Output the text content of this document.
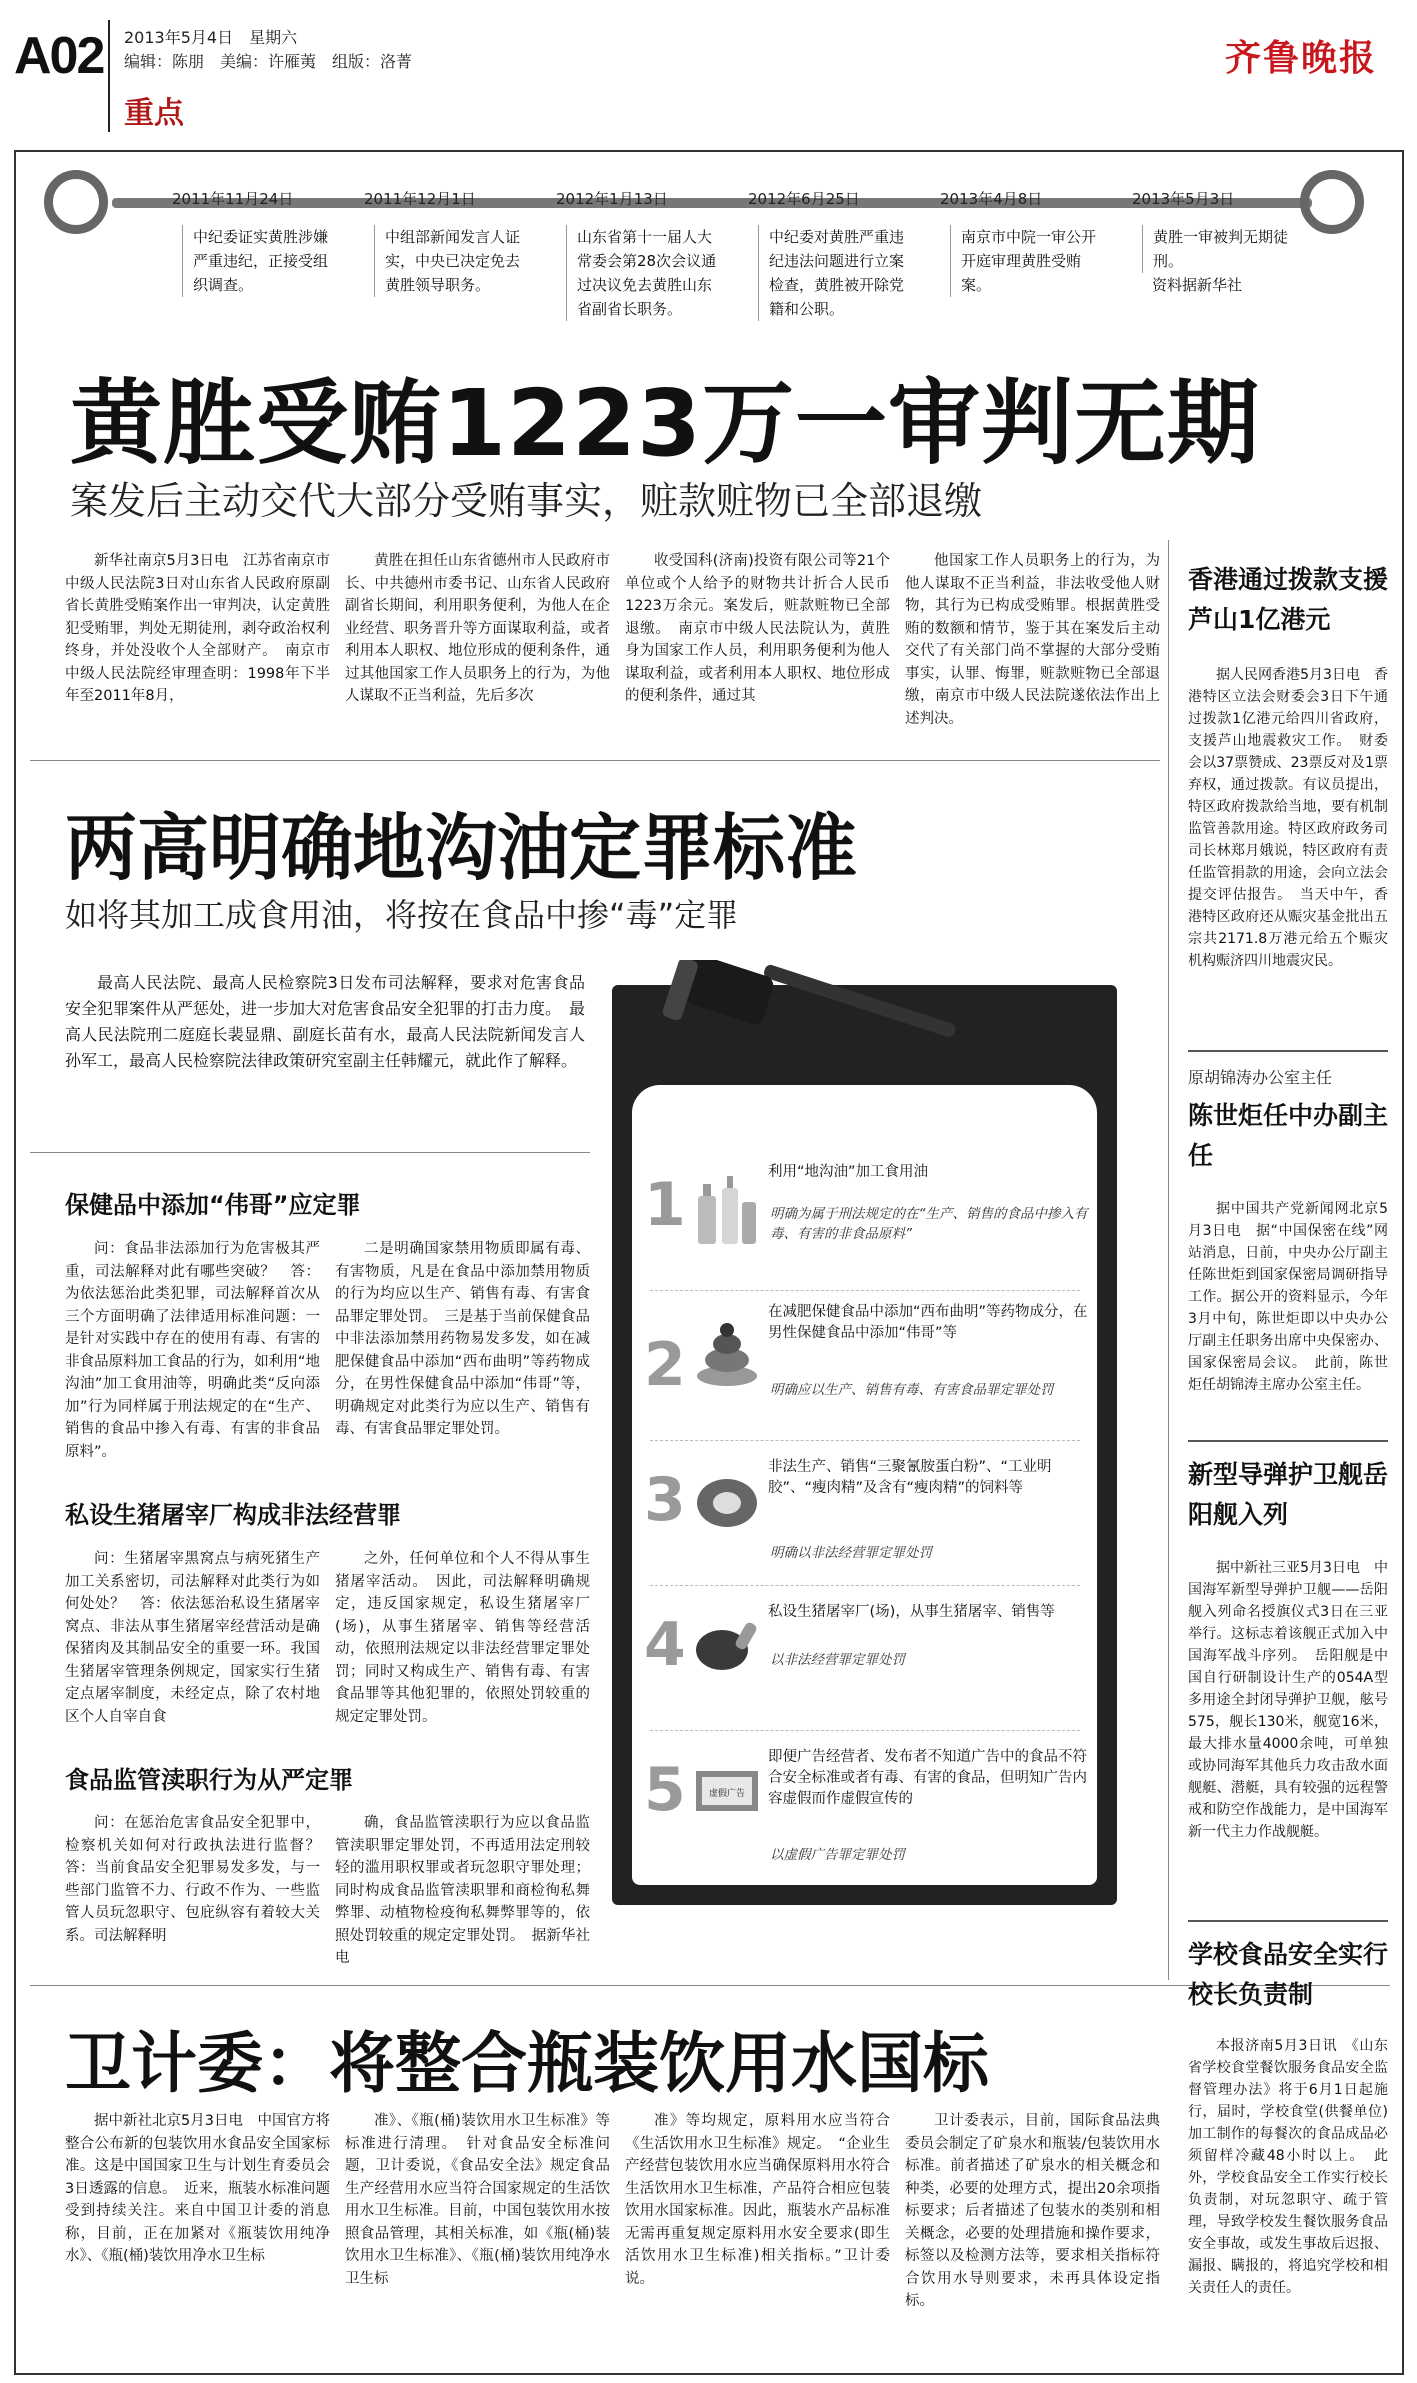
A02 2013年5月4日　星期六
编辑：陈朋　美编：许雁荑　组版：洛菁
重点
齐鲁晚报
2011年11月24日
中纪委证实黄胜涉嫌严重违纪，正接受组织调查。
2011年12月1日
中组部新闻发言人证实，中央已决定免去黄胜领导职务。
2012年1月13日
山东省第十一届人大常委会第28次会议通过决议免去黄胜山东省副省长职务。
2012年6月25日
中纪委对黄胜严重违纪违法问题进行立案检查，黄胜被开除党籍和公职。
2013年4月8日
南京市中院一审公开开庭审理黄胜受贿案。
2013年5月3日
黄胜一审被判无期徒刑。
资料据新华社
黄胜受贿1223万一审判无期
案发后主动交代大部分受贿事实，赃款赃物已全部退缴

新华社南京5月3日电　江苏省南京市中级人民法院3日对山东省人民政府原副省长黄胜受贿案作出一审判决，认定黄胜犯受贿罪，判处无期徒刑，剥夺政治权利终身，并处没收个人全部财产。　南京市中级人民法院经审理查明：1998年下半年至2011年8月，

黄胜在担任山东省德州市人民政府市长、中共德州市委书记、山东省人民政府副省长期间，利用职务便利，为他人在企业经营、职务晋升等方面谋取利益，或者利用本人职权、地位形成的便利条件，通过其他国家工作人员职务上的行为，为他人谋取不正当利益，先后多次

收受国科(济南)投资有限公司等21个单位或个人给予的财物共计折合人民币1223万余元。案发后，赃款赃物已全部退缴。　南京市中级人民法院认为，黄胜身为国家工作人员，利用职务便利为他人谋取利益，或者利用本人职权、地位形成的便利条件，通过其

他国家工作人员职务上的行为，为他人谋取不正当利益，非法收受他人财物，其行为已构成受贿罪。根据黄胜受贿的数额和情节，鉴于其在案发后主动交代了有关部门尚不掌握的大部分受贿事实，认罪、悔罪，赃款赃物已全部退缴，南京市中级人民法院遂依法作出上述判决。

两高明确地沟油定罪标准
如将其加工成食用油，将按在食品中掺“毒”定罪

最高人民法院、最高人民检察院3日发布司法解释，要求对危害食品安全犯罪案件从严惩处，进一步加大对危害食品安全犯罪的打击力度。　最高人民法院刑二庭庭长裴显鼎、副庭长苗有水，最高人民法院新闻发言人孙军工，最高人民检察院法律政策研究室副主任韩耀元，就此作了解释。

保健品中添加“伟哥”应定罪

问：食品非法添加行为危害极其严重，司法解释对此有哪些突破？　答：为依法惩治此类犯罪，司法解释首次从三个方面明确了法律适用标准问题：一是针对实践中存在的使用有毒、有害的非食品原料加工食品的行为，如利用“地沟油”加工食用油等，明确此类“反向添加”行为同样属于刑法规定的在“生产、销售的食品中掺入有毒、有害的非食品原料”。

二是明确国家禁用物质即属有毒、有害物质，凡是在食品中添加禁用物质的行为均应以生产、销售有毒、有害食品罪定罪处罚。　三是基于当前保健食品中非法添加禁用药物易发多发，如在减肥保健食品中添加“西布曲明”等药物成分，在男性保健食品中添加“伟哥”等，明确规定对此类行为应以生产、销售有毒、有害食品罪定罪处罚。

私设生猪屠宰厂构成非法经营罪

问：生猪屠宰黑窝点与病死猪生产加工关系密切，司法解释对此类行为如何处处？　答：依法惩治私设生猪屠宰窝点、非法从事生猪屠宰经营活动是确保猪肉及其制品安全的重要一环。我国生猪屠宰管理条例规定，国家实行生猪定点屠宰制度，未经定点，除了农村地区个人自宰自食

之外，任何单位和个人不得从事生猪屠宰活动。　因此，司法解释明确规定，违反国家规定，私设生猪屠宰厂(场)，从事生猪屠宰、销售等经营活动，依照刑法规定以非法经营罪定罪处罚；同时又构成生产、销售有毒、有害食品罪等其他犯罪的，依照处罚较重的规定定罪处罚。

食品监管渎职行为从严定罪

问：在惩治危害食品安全犯罪中，检察机关如何对行政执法进行监督？　答：当前食品安全犯罪易发多发，与一些部门监管不力、行政不作为、一些监管人员玩忽职守、包庇纵容有着较大关系。司法解释明

确，食品监管渎职行为应以食品监管渎职罪定罪处罚，不再适用法定刑较轻的滥用职权罪或者玩忽职守罪处理；同时构成食品监管渎职罪和商检徇私舞弊罪、动植物检疫徇私舞弊罪等的，依照处罚较重的规定定罪处罚。　据新华社电

1	利用“地沟油”加工食用油
明确为属于刑法规定的在“生产、销售的食品中掺入有毒、有害的非食品原料”
2
在减肥保健食品中添加“西布曲明”等药物成分，在男性保健食品中添加“伟哥”等
明确应以生产、销售有毒、有害食品罪定罪处罚
3	非法生产、销售“三聚氰胺蛋白粉”、“工业明胶”、“瘦肉精”及含有“瘦肉精”的饲料等
明确以非法经营罪定罪处罚
4	私设生猪屠宰厂(场)，从事生猪屠宰、销售等
以非法经营罪定罪处罚
5	虚假广告
即便广告经营者、发布者不知道广告中的食品不符合安全标准或者有毒、有害的食品，但明知广告内容虚假而作虚假宣传的
以虚假广告罪定罪处罚
卫计委：将整合瓶装饮用水国标

据中新社北京5月3日电　中国官方将整合公布新的包装饮用水食品安全国家标准。这是中国国家卫生与计划生育委员会3日透露的信息。　近来，瓶装水标准问题受到持续关注。来自中国卫计委的消息称，目前，正在加紧对《瓶装饮用纯净水》、《瓶(桶)装饮用净水卫生标

准》、《瓶(桶)装饮用水卫生标准》等标准进行清理。　针对食品安全标准问题，卫计委说，《食品安全法》规定食品生产经营用水应当符合国家规定的生活饮用水卫生标准。目前，中国包装饮用水按照食品管理，其相关标准，如《瓶(桶)装饮用水卫生标准》、《瓶(桶)装饮用纯净水卫生标

准》等均规定，原料用水应当符合《生活饮用水卫生标准》规定。　“企业生产经营包装饮用水应当确保原料用水符合生活饮用水卫生标准，产品符合相应包装饮用水国家标准。因此，瓶装水产品标准无需再重复规定原料用水安全要求(即生活饮用水卫生标准)相关指标。”卫计委说。

卫计委表示，目前，国际食品法典委员会制定了矿泉水和瓶装/包装饮用水标准。前者描述了矿泉水的相关概念和种类，必要的处理方式，提出20余项指标要求；后者描述了包装水的类别和相关概念，必要的处理措施和操作要求，标签以及检测方法等，要求相关指标符合饮用水导则要求，未再具体设定指标。

香港通过拨款支援芦山1亿港元

据人民网香港5月3日电　香港特区立法会财委会3日下午通过拨款1亿港元给四川省政府，支援芦山地震救灾工作。　财委会以37票赞成、23票反对及1票弃权，通过拨款。有议员提出，特区政府拨款给当地，要有机制监管善款用途。特区政府政务司司长林郑月娥说，特区政府有责任监管捐款的用途，会向立法会提交评估报告。　当天中午，香港特区政府还从赈灾基金批出五宗共2171.8万港元给五个赈灾机构赈济四川地震灾民。

原胡锦涛办公室主任
陈世炬任中办副主任

据中国共产党新闻网北京5月3日电　据“中国保密在线”网站消息，日前，中央办公厅副主任陈世炬到国家保密局调研指导工作。据公开的资料显示，今年3月中旬，陈世炬即以中央办公厅副主任职务出席中央保密办、国家保密局会议。　此前，陈世炬任胡锦涛主席办公室主任。

新型导弹护卫舰岳阳舰入列

据中新社三亚5月3日电　中国海军新型导弹护卫舰——岳阳舰入列命名授旗仪式3日在三亚举行。这标志着该舰正式加入中国海军战斗序列。　岳阳舰是中国自行研制设计生产的054A型多用途全封闭导弹护卫舰，舷号575，舰长130米，舰宽16米，最大排水量4000余吨，可单独或协同海军其他兵力攻击敌水面舰艇、潜艇，具有较强的远程警戒和防空作战能力，是中国海军新一代主力作战舰艇。

学校食品安全实行校长负责制

本报济南5月3日讯　《山东省学校食堂餐饮服务食品安全监督管理办法》将于6月1日起施行，届时，学校食堂(供餐单位)加工制作的每餐次的食品成品必须留样冷藏48小时以上。　此外，学校食品安全工作实行校长负责制，对玩忽职守、疏于管理，导致学校发生餐饮服务食品安全事故，或发生事故后迟报、漏报、瞒报的，将追究学校和相关责任人的责任。
